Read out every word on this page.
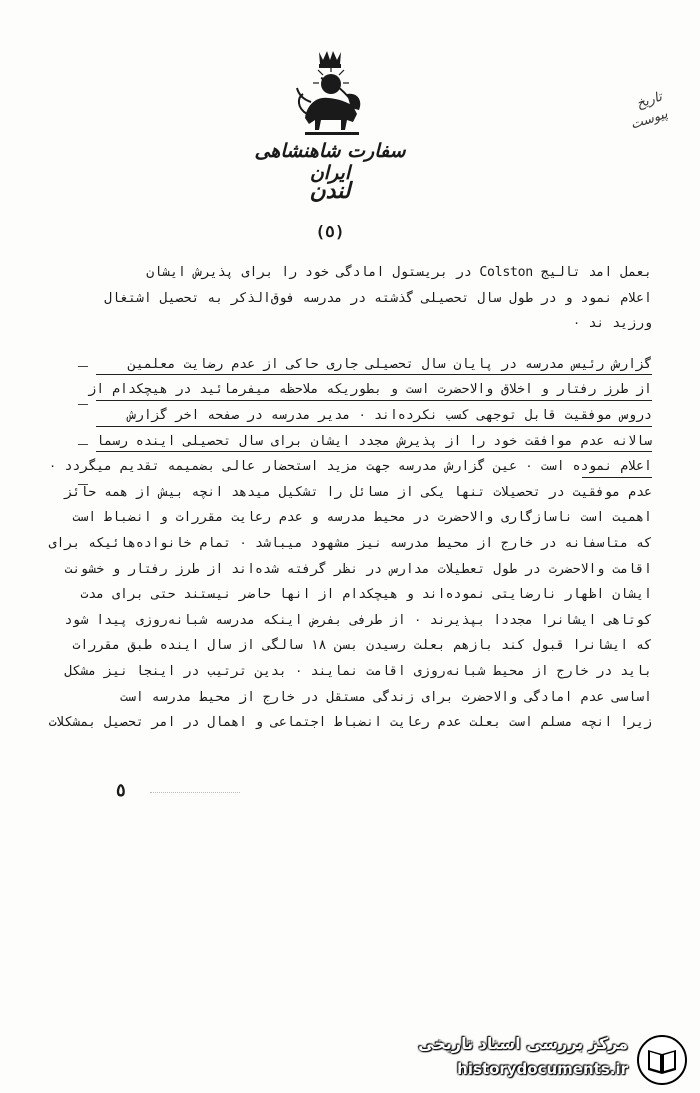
سفارت شاهنشاهی ایران
لندن
(٥)
تاریخ
پیوست
بعمل امد تالیج Colston در بریستول امادگی خود را برای پذیرش ایشان
اعلام نمود و در طول سال تحصیلی گذشته در مدرسه فوق‌الذکر به تحصیل اشتغال
ورزید ند ٠
گزارش رئیس مدرسه در پایان سال تحصیلی جاری حاکی از عدم رضایت معلمین
از طرز رفتار و اخلاق والاحضرت است و بطوریکه ملاحظه میفرمائید در هیچکدام از
دروس موفقیت قابل توجهی کسب نکرده‌اند ٠ مدیر مدرسه در صفحه اخر گزارش
سالانه عدم موافقت خود را از پذیرش مجدد ایشان برای سال تحصیلی اینده رسما
اعلام نموده است ٠ عین گزارش مدرسه جهت مزید استحضار عالی بضمیمه تقدیم میگردد ٠
عدم موفقیت در تحصیلات تنها یکی از مسائل را تشکیل میدهد انچه بیش از همه حائز
اهمیت است ناسازگاری والاحضرت در محیط مدرسه و عدم رعایت مقررات و انضباط است
که متاسفانه در خارج از محیط مدرسه نیز مشهود میباشد ٠ تمام خانواده‌هائیکه برای
اقامت والاحضرت در طول تعطیلات مدارس در نظر گرفته شده‌اند از طرز رفتار و خشونت
ایشان اظهار نارضایتی نموده‌اند و هیچکدام از انها حاضر نیستند حتی برای مدت
کوتاهی ایشانرا مجددا بپذیرند ٠ از طرفی بفرض اینکه مدرسه شبانه‌روزی پیدا شود
که ایشانرا قبول کند بازهم بعلت رسیدن بسن ١٨ سالگی از سال اینده طبق مقررات
باید در خارج از محیط شبانه‌روزی اقامت نمایند ٠ بدین ترتیب در اینجا نیز مشکل
اساسی عدم امادگی والاحضرت برای زندگی مستقل در خارج از محیط مدرسه است
زیرا انچه مسلم است بعلت عدم رعایت انضباط اجتماعی و اهمال در امر تحصیل بمشکلات
٥
مرکز بررسی اسناد تاریخی
historydocuments.ir
